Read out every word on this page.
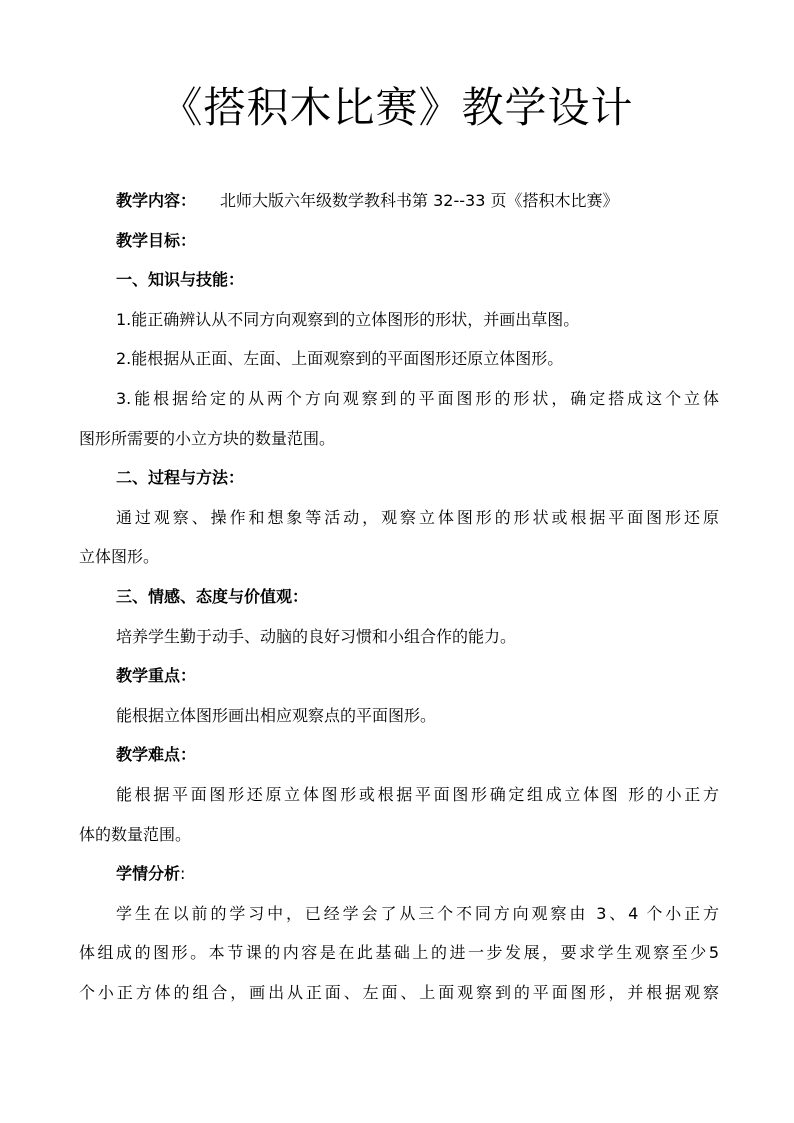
《搭积木比赛》教学设计

教学内容： 北师大版六年级数学教科书第 32--33 页《搭积木比赛》

教学目标：

一、知识与技能：

1.能正确辨认从不同方向观察到的立体图形的形状，并画出草图。

2.能根据从正面、左面、上面观察到的平面图形还原立体图形。

3.能根据给定的从两个方向观察到的平面图形的形状，确定搭成这个立体

图形所需要的小立方块的数量范围。

二、过程与方法：

通过观察、操作和想象等活动，观察立体图形的形状或根据平面图形还原

立体图形。

三、情感、态度与价值观：

培养学生勤于动手、动脑的良好习惯和小组合作的能力。

教学重点：

能根据立体图形画出相应观察点的平面图形。

教学难点：

能根据平面图形还原立体图形或根据平面图形确定组成立体图 形的小正方

体的数量范围。

学情分析:

学生在以前的学习中，已经学会了从三个不同方向观察由 3、4 个小正方

体组成的图形。本节课的内容是在此基础上的进一步发展，要求学生观察至少5

个小正方体的组合，画出从正面、左面、上面观察到的平面图形，并根据观察
